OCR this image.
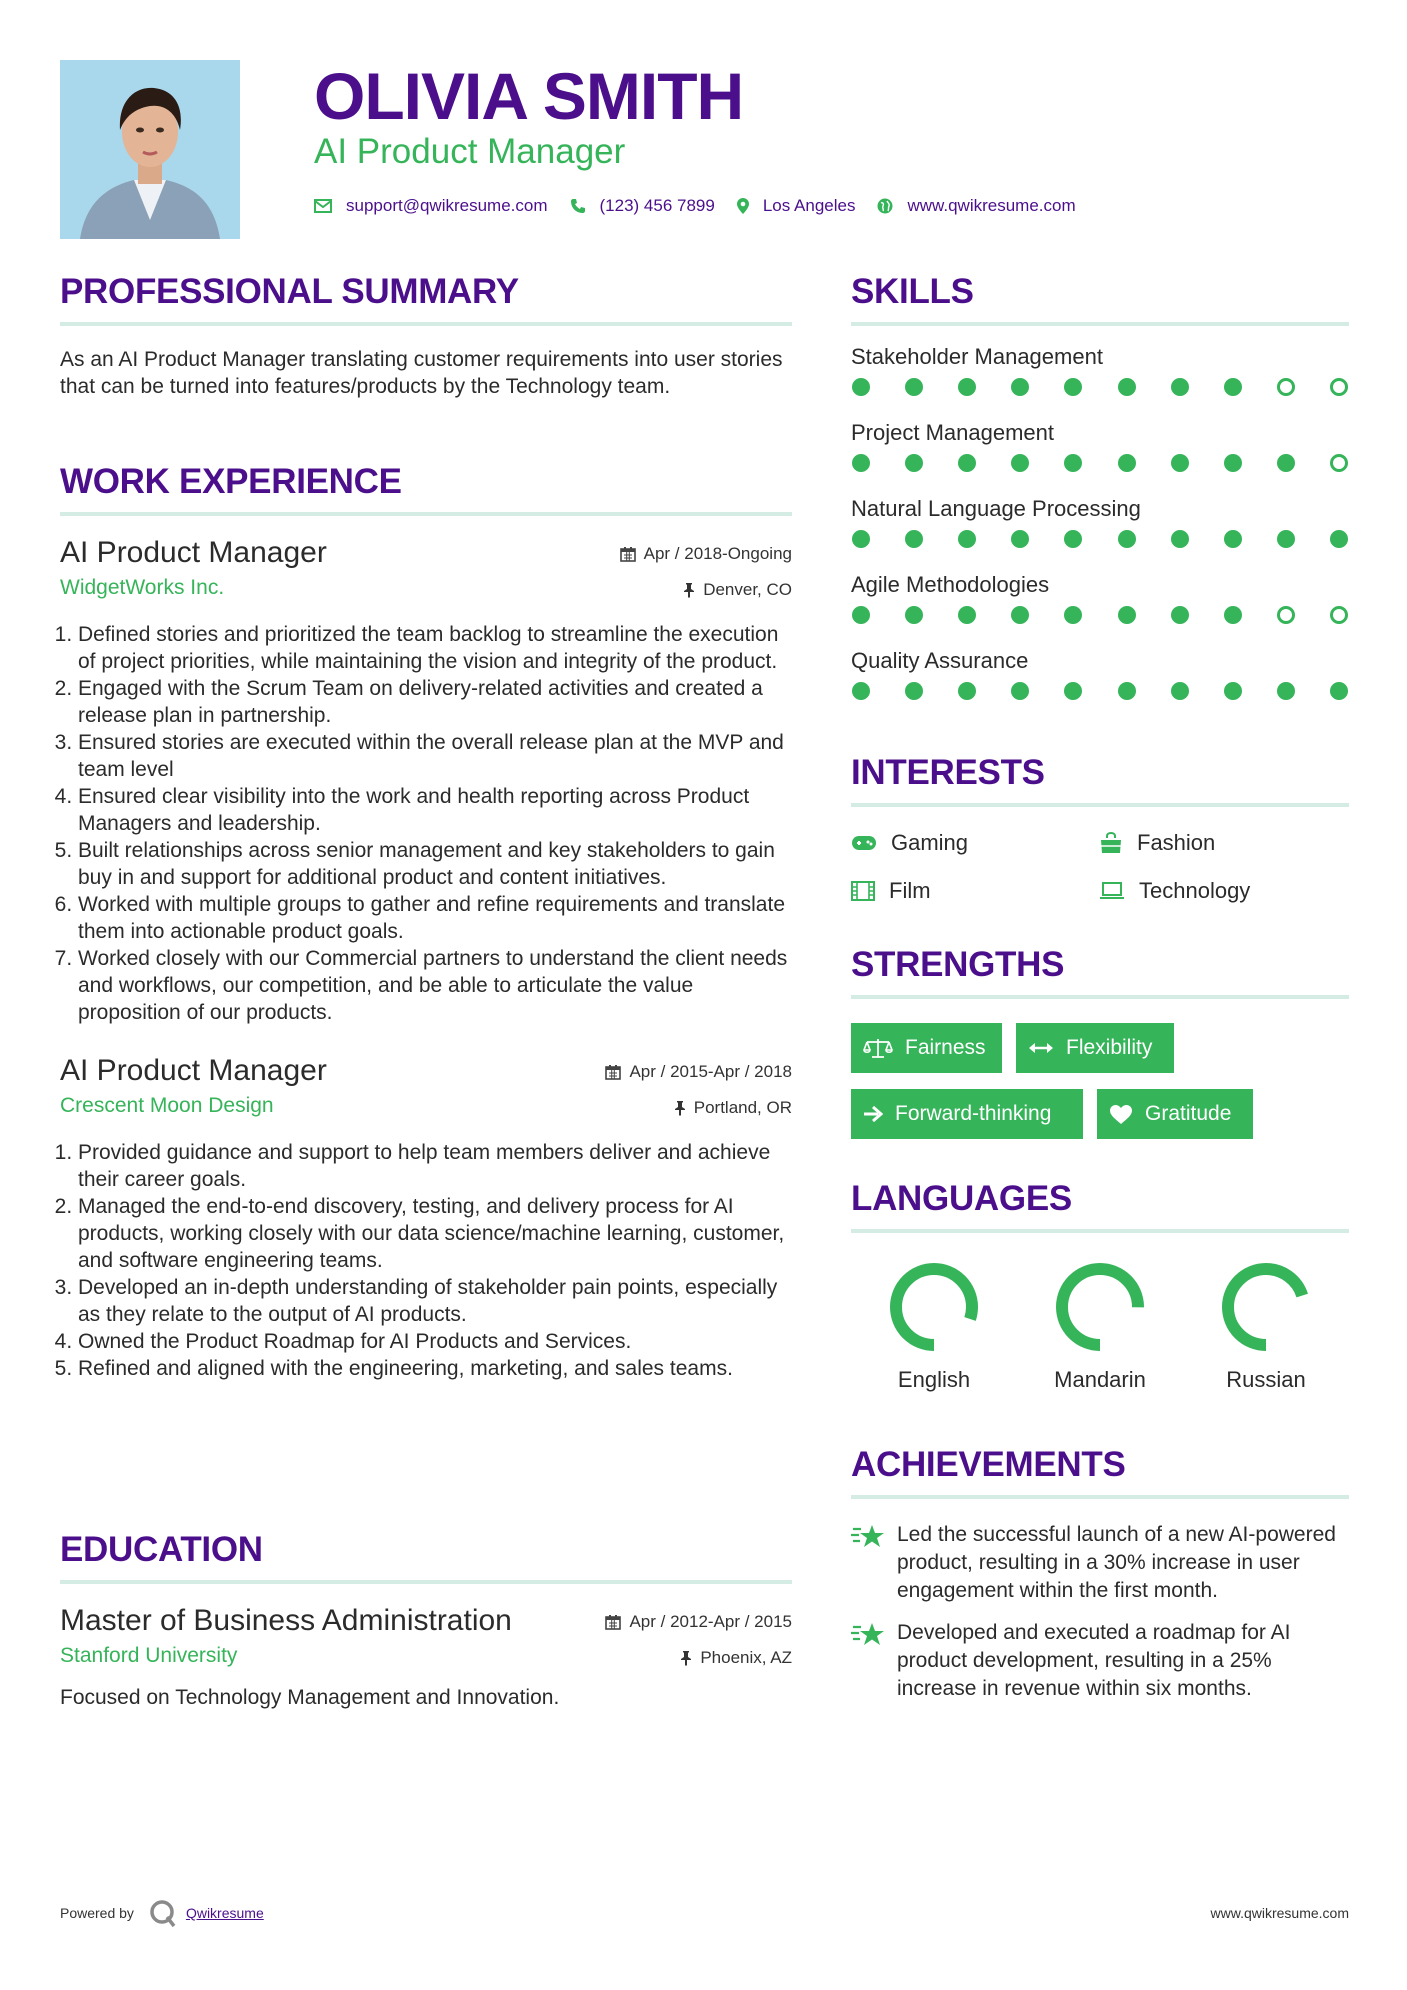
OLIVIA SMITH
AI Product Manager
support@qwikresume.com	(123) 456 7899	Los Angeles	www.qwikresume.com
PROFESSIONAL SUMMARY
As an AI Product Manager translating customer requirements into user stories that can be turned into features/products by the Technology team.
WORK EXPERIENCE
AI Product Manager
WidgetWorks Inc.
Apr / 2018-Ongoing
Denver, CO
1. Defined stories and prioritized the team backlog to streamline the execution of project priorities, while maintaining the vision and integrity of the product.
2. Engaged with the Scrum Team on delivery-related activities and created a release plan in partnership.
3. Ensured stories are executed within the overall release plan at the MVP and team level
4. Ensured clear visibility into the work and health reporting across Product Managers and leadership.
5. Built relationships across senior management and key stakeholders to gain buy in and support for additional product and content initiatives.
6. Worked with multiple groups to gather and refine requirements and translate them into actionable product goals.
7. Worked closely with our Commercial partners to understand the client needs and workflows, our competition, and be able to articulate the value proposition of our products.
AI Product Manager
Crescent Moon Design
Apr / 2015-Apr / 2018
Portland, OR
1. Provided guidance and support to help team members deliver and achieve their career goals.
2. Managed the end-to-end discovery, testing, and delivery process for AI products, working closely with our data science/machine learning, customer, and software engineering teams.
3. Developed an in-depth understanding of stakeholder pain points, especially as they relate to the output of AI products.
4. Owned the Product Roadmap for AI Products and Services.
5. Refined and aligned with the engineering, marketing, and sales teams.
EDUCATION
Master of Business Administration
Stanford University
Apr / 2012-Apr / 2015
Phoenix, AZ
Focused on Technology Management and Innovation.
SKILLS
Stakeholder Management
Project Management
Natural Language Processing
Agile Methodologies
Quality Assurance
INTERESTS
Gaming	Fashion
Film	Technology
STRENGTHS
Fairness	Flexibility
Forward-thinking	Gratitude
LANGUAGES
English	Mandarin	Russian
ACHIEVEMENTS
Led the successful launch of a new AI-powered product, resulting in a 30% increase in user engagement within the first month.
Developed and executed a roadmap for AI product development, resulting in a 25% increase in revenue within six months.
Powered by	Qwikresume	www.qwikresume.com
